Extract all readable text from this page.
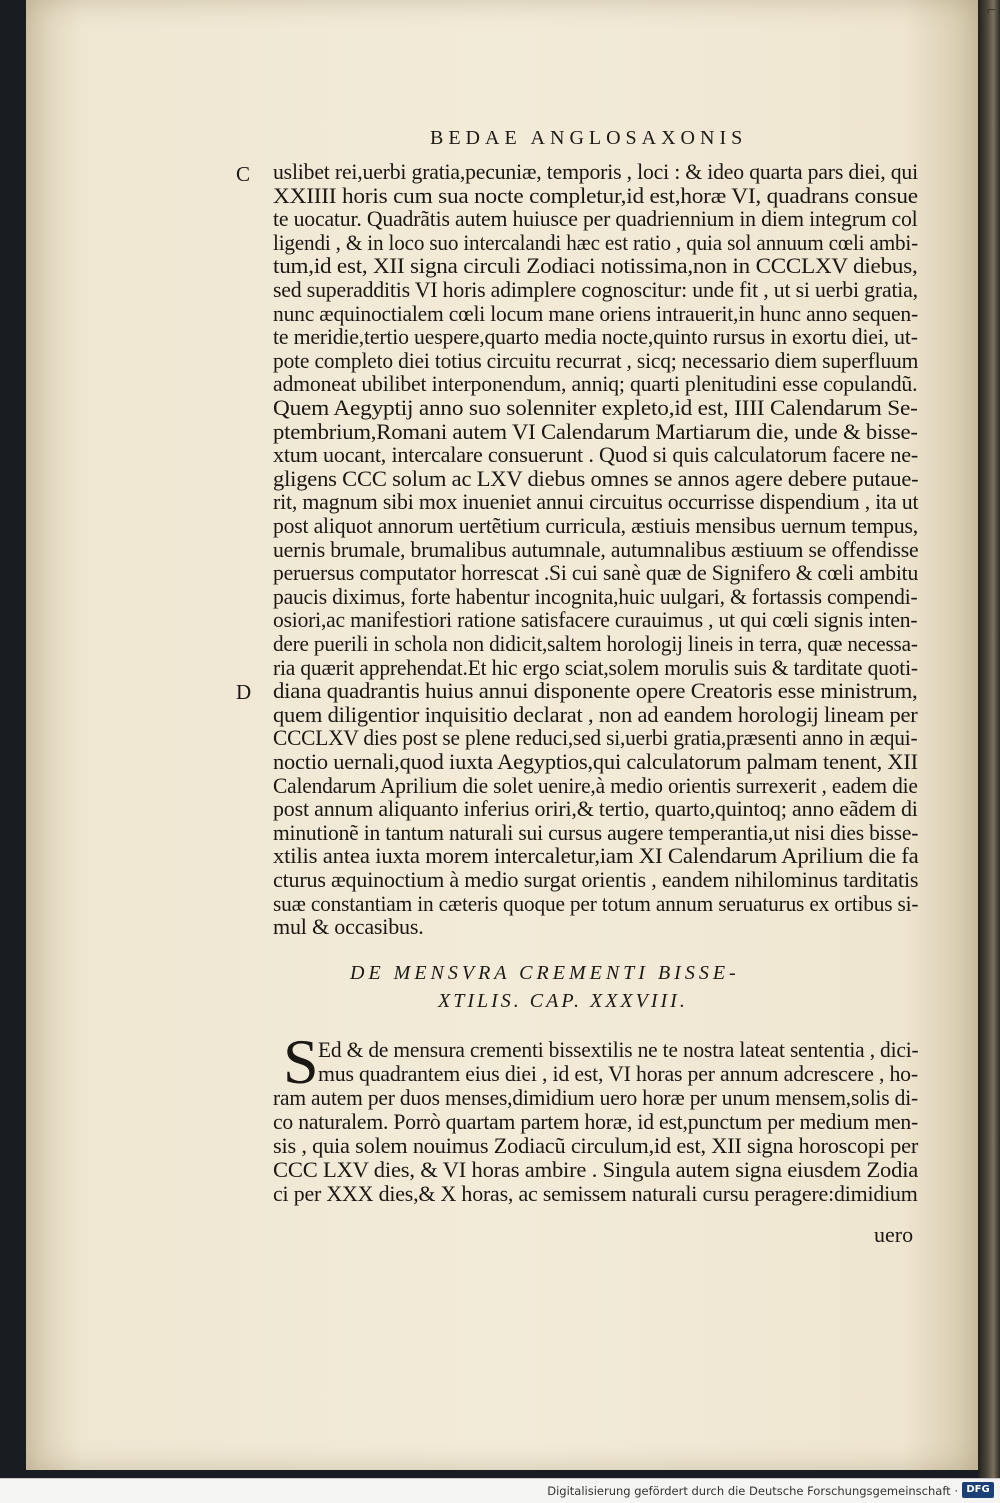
⌐
BEDAE ANGLOSAXONIS
C
D
uslibet rei,uerbi gratia,pecuniæ, temporis , loci : & ideo quarta pars diei, qui
XXIIII horis cum sua nocte completur,id est,horæ VI, quadrans consue
te uocatur. Quadrãtis autem huiusce per quadriennium in diem integrum col
ligendi , & in loco suo intercalandi hæc est ratio , quia sol annuum cœli ambi-
tum,id est, XII signa circuli Zodiaci notissima,non in CCCLXV diebus,
sed superadditis VI horis adimplere cognoscitur: unde fit , ut si uerbi gratia,
nunc æquinoctialem cœli locum mane oriens intrauerit,in hunc anno sequen-
te meridie,tertio uespere,quarto media nocte,quinto rursus in exortu diei, ut-
pote completo diei totius circuitu recurrat , sicq; necessario diem superfluum
admoneat ubilibet interponendum, anniq; quarti plenitudini esse copulandũ.
Quem Aegyptij anno suo solenniter expleto,id est, IIII Calendarum Se-
ptembrium,Romani autem VI Calendarum Martiarum die, unde & bisse-
xtum uocant, intercalare consuerunt . Quod si quis calculatorum facere ne-
gligens CCC solum ac LXV diebus omnes se annos agere debere putaue-
rit, magnum sibi mox inueniet annui circuitus occurrisse dispendium , ita ut
post aliquot annorum uertẽtium curricula, æstiuis mensibus uernum tempus,
uernis brumale, brumalibus autumnale, autumnalibus æstiuum se offendisse
peruersus computator horrescat .Si cui sanè quæ de Signifero & cœli ambitu
paucis diximus, forte habentur incognita,huic uulgari, & fortassis compendi-
osiori,ac manifestiori ratione satisfacere curauimus , ut qui cœli signis inten-
dere puerili in schola non didicit,saltem horologij lineis in terra, quæ necessa-
ria quærit apprehendat.Et hic ergo sciat,solem morulis suis & tarditate quoti-
diana quadrantis huius annui disponente opere Creatoris esse ministrum,
quem diligentior inquisitio declarat , non ad eandem horologij lineam per
CCCLXV dies post se plene reduci,sed si,uerbi gratia,præsenti anno in æqui-
noctio uernali,quod iuxta Aegyptios,qui calculatorum palmam tenent, XII
Calendarum Aprilium die solet uenire,à medio orientis surrexerit , eadem die
post annum aliquanto inferius oriri,& tertio, quarto,quintoq; anno eãdem di
minutionẽ in tantum naturali sui cursus augere temperantia,ut nisi dies bisse-
xtilis antea iuxta morem intercaletur,iam XI Calendarum Aprilium die fa
cturus æquinoctium à medio surgat orientis , eandem nihilominus tarditatis
suæ constantiam in cæteris quoque per totum annum seruaturus ex ortibus si-
mul & occasibus.
DE MENSVRA CREMENTI BISSE-
XTILIS. CAP. XXXVIII.
S Ed & de mensura crementi bissextilis ne te nostra lateat sententia , dici-
mus quadrantem eius diei , id est, VI horas per annum adcrescere , ho-
ram autem per duos menses,dimidium uero horæ per unum mensem,solis di-
co naturalem. Porrò quartam partem horæ, id est,punctum per medium men-
sis , quia solem nouimus Zodiacũ circulum,id est, XII signa horoscopi per
CCC LXV dies, & VI horas ambire . Singula autem signa eiusdem Zodia
ci per XXX dies,& X horas, ac semissem naturali cursu peragere:dimidium
uero
Digitalisierung gefördert durch die Deutsche Forschungsgemeinschaft · DFG
